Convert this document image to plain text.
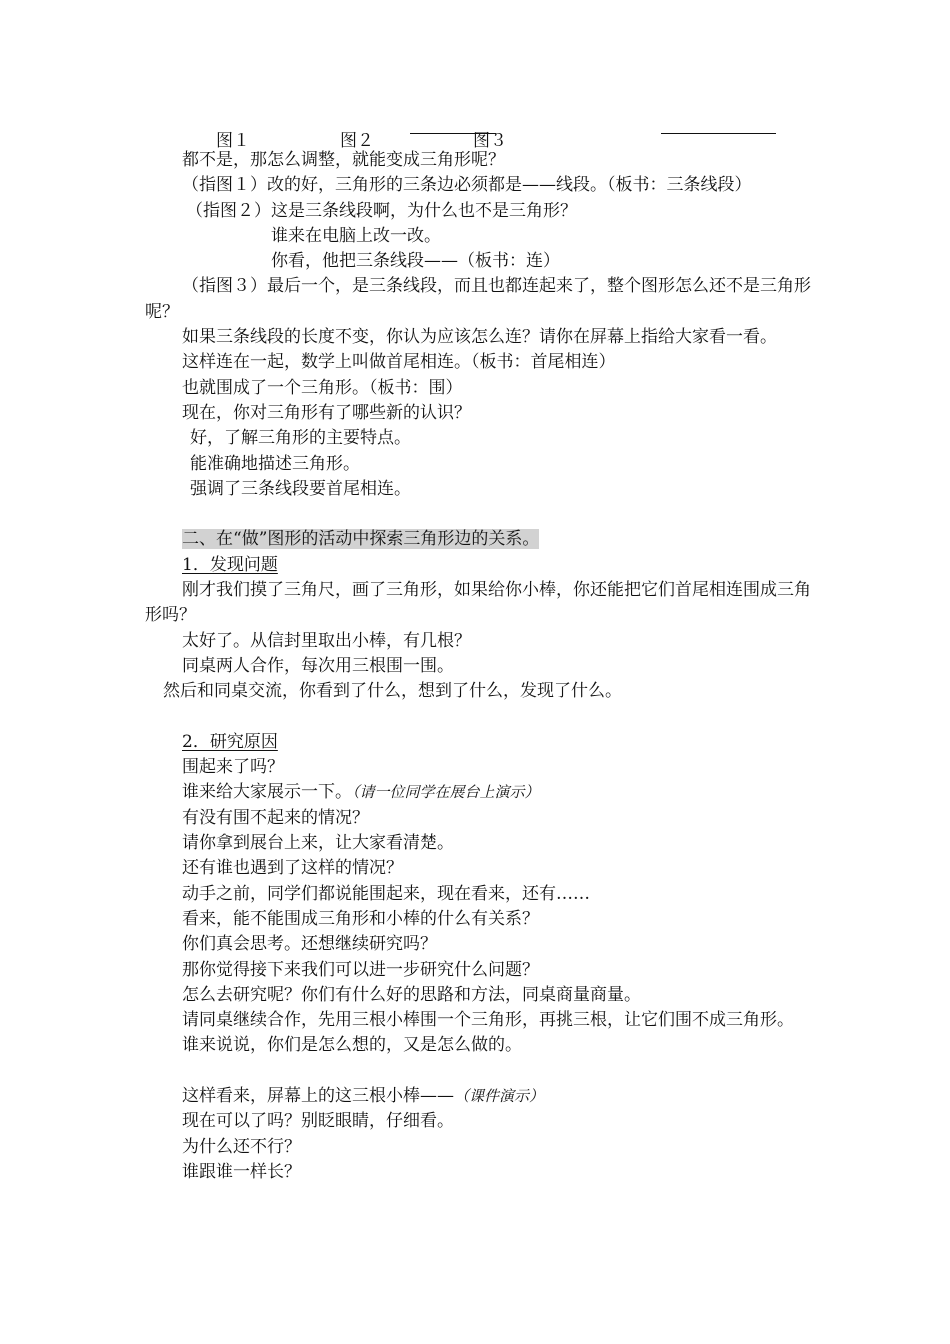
图１	图２	图３
都不是，那怎么调整，就能变成三角形呢？
（指图１）改的好，三角形的三条边必须都是——线段。（板书：三条线段）
（指图２）这是三条线段啊，为什么也不是三角形？
谁来在电脑上改一改。
你看，他把三条线段——（板书：连）
（指图３）最后一个，是三条线段，而且也都连起来了，整个图形怎么还不是三角形呢？
如果三条线段的长度不变，你认为应该怎么连？请你在屏幕上指给大家看一看。
这样连在一起，数学上叫做首尾相连。（板书：首尾相连）
也就围成了一个三角形。（板书：围）
现在，你对三角形有了哪些新的认识？
好，了解三角形的主要特点。
能准确地描述三角形。
强调了三条线段要首尾相连。
二、在“做”图形的活动中探索三角形边的关系。
1．发现问题
刚才我们摸了三角尺，画了三角形，如果给你小棒，你还能把它们首尾相连围成三角形吗？
太好了。从信封里取出小棒，有几根？
同桌两人合作，每次用三根围一围。
然后和同桌交流，你看到了什么，想到了什么，发现了什么。
2．研究原因
围起来了吗？
谁来给大家展示一下。（请一位同学在展台上演示）
有没有围不起来的情况？
请你拿到展台上来，让大家看清楚。
还有谁也遇到了这样的情况？
动手之前，同学们都说能围起来，现在看来，还有……
看来，能不能围成三角形和小棒的什么有关系？
你们真会思考。还想继续研究吗？
那你觉得接下来我们可以进一步研究什么问题？
怎么去研究呢？你们有什么好的思路和方法，同桌商量商量。
请同桌继续合作，先用三根小棒围一个三角形，再挑三根，让它们围不成三角形。
谁来说说，你们是怎么想的，又是怎么做的。
这样看来，屏幕上的这三根小棒——（课件演示）
现在可以了吗？别眨眼睛，仔细看。
为什么还不行？
谁跟谁一样长？
